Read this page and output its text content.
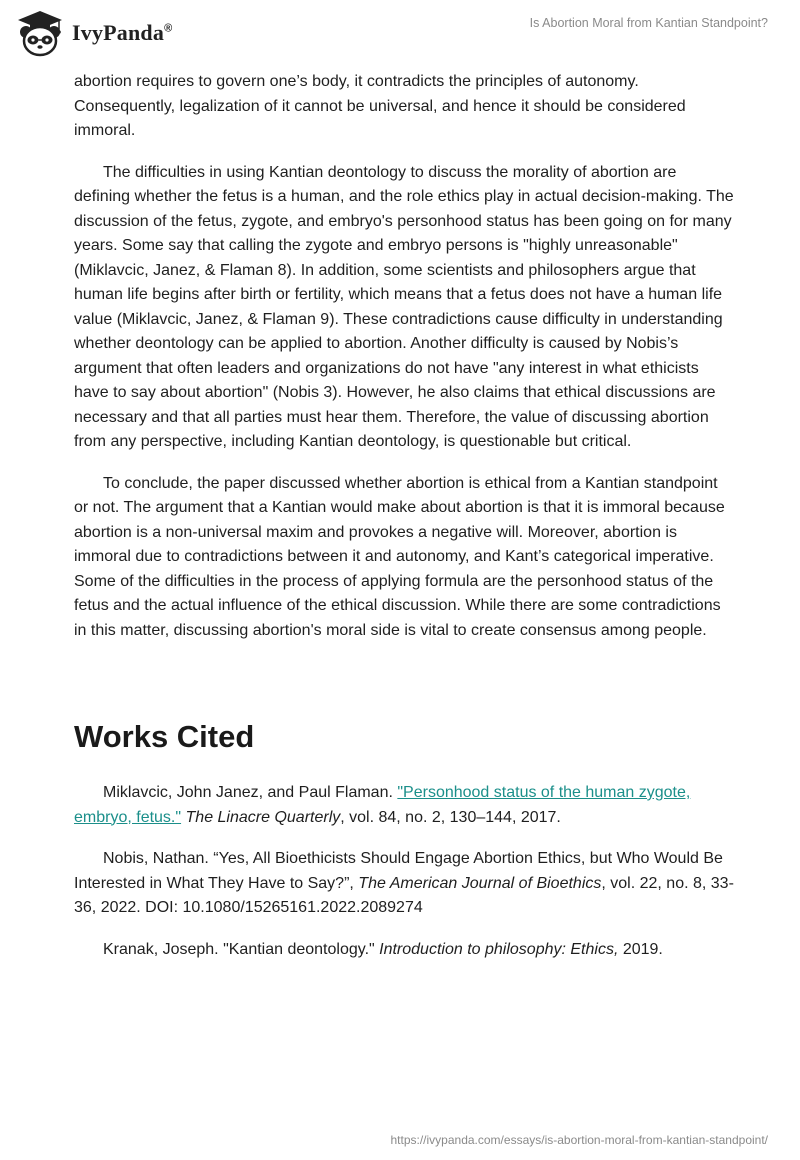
IvyPanda®	Is Abortion Moral from Kantian Standpoint?

abortion requires to govern one’s body, it contradicts the principles of autonomy. Consequently, legalization of it cannot be universal, and hence it should be considered immoral.

The difficulties in using Kantian deontology to discuss the morality of abortion are defining whether the fetus is a human, and the role ethics play in actual decision-making. The discussion of the fetus, zygote, and embryo's personhood status has been going on for many years. Some say that calling the zygote and embryo persons is "highly unreasonable" (Miklavcic, Janez, & Flaman 8). In addition, some scientists and philosophers argue that human life begins after birth or fertility, which means that a fetus does not have a human life value (Miklavcic, Janez, & Flaman 9). These contradictions cause difficulty in understanding whether deontology can be applied to abortion. Another difficulty is caused by Nobis’s argument that often leaders and organizations do not have "any interest in what ethicists have to say about abortion" (Nobis 3). However, he also claims that ethical discussions are necessary and that all parties must hear them. Therefore, the value of discussing abortion from any perspective, including Kantian deontology, is questionable but critical.

To conclude, the paper discussed whether abortion is ethical from a Kantian standpoint or not. The argument that a Kantian would make about abortion is that it is immoral because abortion is a non-universal maxim and provokes a negative will. Moreover, abortion is immoral due to contradictions between it and autonomy, and Kant’s categorical imperative. Some of the difficulties in the process of applying formula are the personhood status of the fetus and the actual influence of the ethical discussion. While there are some contradictions in this matter, discussing abortion's moral side is vital to create consensus among people.

Works Cited

Miklavcic, John Janez, and Paul Flaman. "Personhood status of the human zygote, embryo, fetus." The Linacre Quarterly, vol. 84, no. 2, 130–144, 2017.

Nobis, Nathan. “Yes, All Bioethicists Should Engage Abortion Ethics, but Who Would Be Interested in What They Have to Say?”, The American Journal of Bioethics, vol. 22, no. 8, 33-36, 2022. DOI: 10.1080/15265161.2022.2089274

Kranak, Joseph. "Kantian deontology." Introduction to philosophy: Ethics, 2019.

https://ivypanda.com/essays/is-abortion-moral-from-kantian-standpoint/
